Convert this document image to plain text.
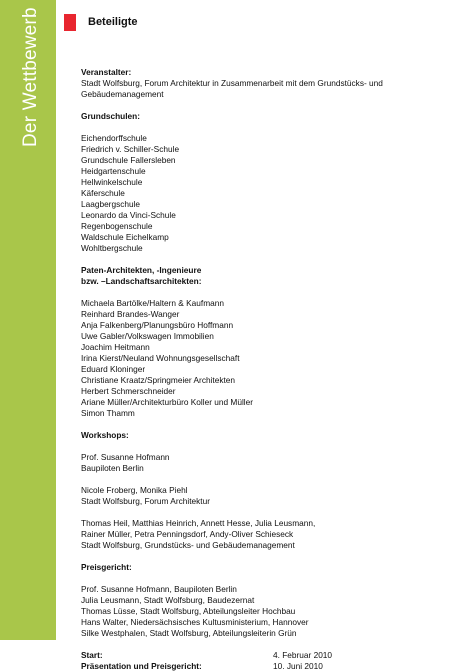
Der Wettbewerb	Beteiligte

Veranstalter:

Stadt Wolfsburg, Forum Architektur in Zusammenarbeit mit dem Grundstücks- und

Gebäudemanagement

Grundschulen:

Eichendorffschule

Friedrich v. Schiller-Schule

Grundschule Fallersleben

Heidgartenschule

Hellwinkelschule

Käferschule

Laagbergschule

Leonardo da Vinci-Schule

Regenbogenschule

Waldschule Eichelkamp

Wohltbergschule

Paten-Architekten, -Ingenieure

bzw. –Landschaftsarchitekten:

Michaela Bartölke/Haltern & Kaufmann

Reinhard Brandes-Wanger

Anja Falkenberg/Planungsbüro Hoffmann

Uwe Gabler/Volkswagen Immobilien

Joachim Heitmann

Irina Kierst/Neuland Wohnungsgesellschaft

Eduard Kloninger

Christiane Kraatz/Springmeier Architekten

Herbert Schmerschneider

Ariane Müller/Architekturbüro Koller und Müller

Simon Thamm

Workshops:

Prof. Susanne Hofmann

Baupiloten Berlin

Nicole Froberg, Monika Piehl

Stadt Wolfsburg, Forum Architektur

Thomas Heil, Matthias Heinrich, Annett Hesse, Julia Leusmann,

Rainer Müller, Petra Penningsdorf, Andy-Oliver Schieseck

Stadt Wolfsburg, Grundstücks- und Gebäudemanagement

Preisgericht:

Prof. Susanne Hofmann, Baupiloten Berlin

Julia Leusmann, Stadt Wolfsburg, Baudezernat

Thomas Lüsse, Stadt Wolfsburg, Abteilungsleiter Hochbau

Hans Walter, Niedersächsisches Kultusministerium, Hannover

Silke Westphalen, Stadt Wolfsburg, Abteilungsleiterin Grün

Start:	4. Februar 2010
Präsentation und Preisgericht:	10. Juni 2010
